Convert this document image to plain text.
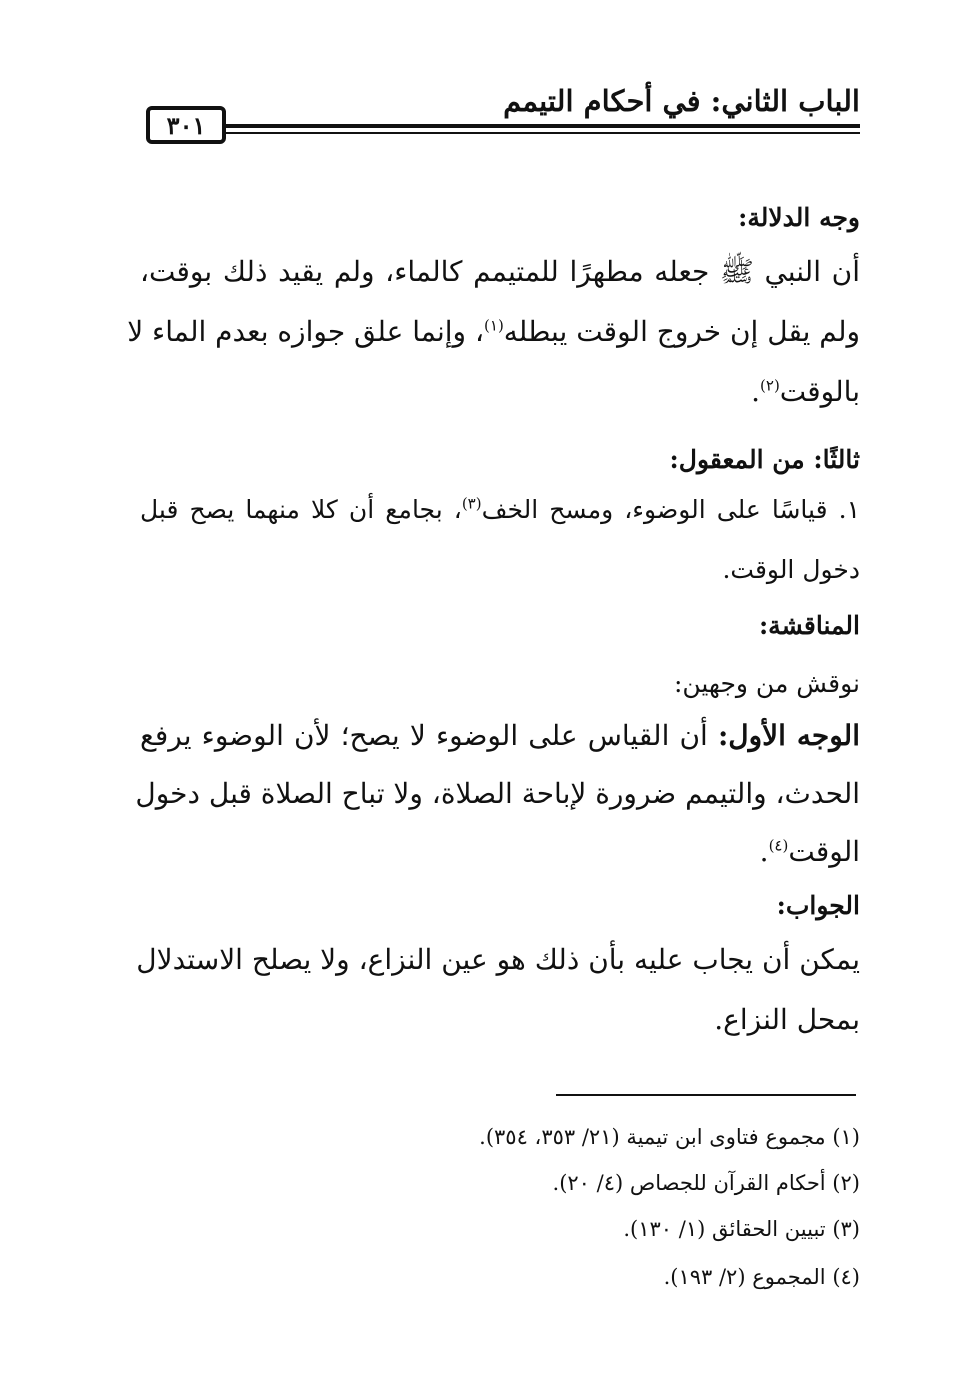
الباب الثاني: في أحكام التيمم
٣٠١
وجه الدلالة:
أن النبي ﷺ جعله مطهرًا للمتيمم كالماء، ولم يقيد ذلك بوقت،
ولم يقل إن خروج الوقت يبطله$^{(١)}$، وإنما علق جوازه بعدم الماء لا
بالوقت$^{(٢)}$.
ثالثًا: من المعقول:
١. قياسًا على الوضوء، ومسح الخف$^{(٣)}$، بجامع أن كلا منهما يصح قبل
دخول الوقت.
المناقشة:
نوقش من وجهين:
الوجه الأول: أن القياس على الوضوء لا يصح؛ لأن الوضوء يرفع
الحدث، والتيمم ضرورة لإباحة الصلاة، ولا تباح الصلاة قبل دخول
الوقت$^{(٤)}$.
الجواب:
يمكن أن يجاب عليه بأن ذلك هو عين النزاع، ولا يصلح الاستدلال
بمحل النزاع.
(١) مجموع فتاوى ابن تيمية (٢١/ ٣٥٣، ٣٥٤).
(٢) أحكام القرآن للجصاص (٤/ ٢٠).
(٣) تبيين الحقائق (١/ ١٣٠).
(٤) المجموع (٢/ ١٩٣).
